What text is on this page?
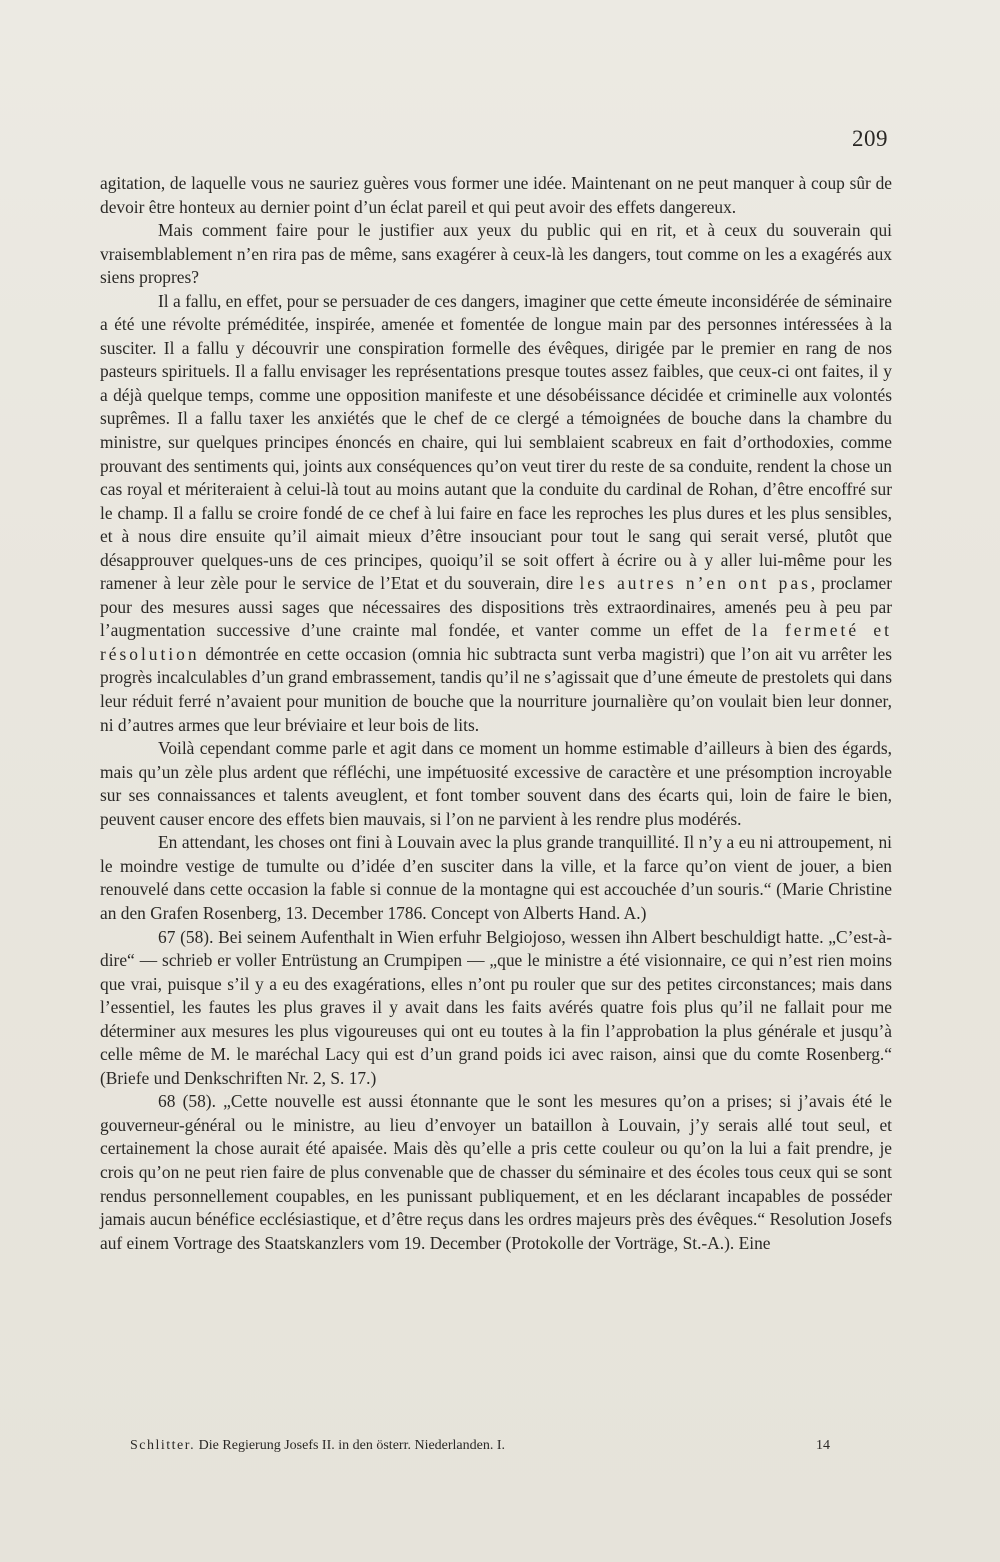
209

agitation, de laquelle vous ne sauriez guères vous former une idée. Maintenant on ne peut manquer à coup sûr de devoir être honteux au dernier point d’un éclat pareil et qui peut avoir des effets dangereux.

Mais comment faire pour le justifier aux yeux du public qui en rit, et à ceux du souverain qui vraisemblablement n’en rira pas de même, sans exagérer à ceux-là les dangers, tout comme on les a exagérés aux siens propres?

Il a fallu, en effet, pour se persuader de ces dangers, imaginer que cette émeute inconsidérée de séminaire a été une révolte préméditée, inspirée, amenée et fomentée de longue main par des personnes intéressées à la susciter. Il a fallu y découvrir une conspiration formelle des évêques, dirigée par le premier en rang de nos pasteurs spirituels. Il a fallu envisager les représentations presque toutes assez faibles, que ceux-ci ont faites, il y a déjà quelque temps, comme une opposition manifeste et une désobéissance décidée et criminelle aux volontés suprêmes. Il a fallu taxer les anxiétés que le chef de ce clergé a témoignées de bouche dans la chambre du ministre, sur quelques principes énoncés en chaire, qui lui semblaient scabreux en fait d’orthodoxies, comme prouvant des sentiments qui, joints aux conséquences qu’on veut tirer du reste de sa conduite, rendent la chose un cas royal et mériteraient à celui-là tout au moins autant que la conduite du cardinal de Rohan, d’être encoffré sur le champ. Il a fallu se croire fondé de ce chef à lui faire en face les reproches les plus dures et les plus sensibles, et à nous dire ensuite qu’il aimait mieux d’être insouciant pour tout le sang qui serait versé, plutôt que désapprouver quelques-uns de ces principes, quoiqu’il se soit offert à écrire ou à y aller lui-même pour les ramener à leur zèle pour le service de l’Etat et du souverain, dire les autres n’en ont pas, proclamer pour des mesures aussi sages que nécessaires des dispositions très extraordinaires, amenés peu à peu par l’augmentation successive d’une crainte mal fondée, et vanter comme un effet de la fermeté et résolution démontrée en cette occasion (omnia hic subtracta sunt verba magistri) que l’on ait vu arrêter les progrès incalculables d’un grand embrassement, tandis qu’il ne s’agissait que d’une émeute de prestolets qui dans leur réduit ferré n’avaient pour munition de bouche que la nourriture journalière qu’on voulait bien leur donner, ni d’autres armes que leur bréviaire et leur bois de lits.

Voilà cependant comme parle et agit dans ce moment un homme estimable d’ailleurs à bien des égards, mais qu’un zèle plus ardent que réfléchi, une impétuosité excessive de caractère et une présomption incroyable sur ses connaissances et talents aveuglent, et font tomber souvent dans des écarts qui, loin de faire le bien, peuvent causer encore des effets bien mauvais, si l’on ne parvient à les rendre plus modérés.

En attendant, les choses ont fini à Louvain avec la plus grande tranquillité. Il n’y a eu ni attroupement, ni le moindre vestige de tumulte ou d’idée d’en susciter dans la ville, et la farce qu’on vient de jouer, a bien renouvelé dans cette occasion la fable si connue de la montagne qui est accouchée d’un souris.“ (Marie Christine an den Grafen Rosenberg, 13. December 1786. Concept von Alberts Hand. A.)

67 (58). Bei seinem Aufenthalt in Wien erfuhr Belgiojoso, wessen ihn Albert beschuldigt hatte. „C’est-à-dire“ — schrieb er voller Entrüstung an Crumpipen — „que le ministre a été visionnaire, ce qui n’est rien moins que vrai, puisque s’il y a eu des exagérations, elles n’ont pu rouler que sur des petites circonstances; mais dans l’essentiel, les fautes les plus graves il y avait dans les faits avérés quatre fois plus qu’il ne fallait pour me déterminer aux mesures les plus vigoureuses qui ont eu toutes à la fin l’approbation la plus générale et jusqu’à celle même de M. le maréchal Lacy qui est d’un grand poids ici avec raison, ainsi que du comte Rosenberg.“ (Briefe und Denkschriften Nr. 2, S. 17.)

68 (58). „Cette nouvelle est aussi étonnante que le sont les mesures qu’on a prises; si j’avais été le gouverneur-général ou le ministre, au lieu d’envoyer un bataillon à Louvain, j’y serais allé tout seul, et certainement la chose aurait été apaisée. Mais dès qu’elle a pris cette couleur ou qu’on la lui a fait prendre, je crois qu’on ne peut rien faire de plus convenable que de chasser du séminaire et des écoles tous ceux qui se sont rendus personnellement coupables, en les punissant publiquement, et en les déclarant incapables de posséder jamais aucun bénéfice ecclésiastique, et d’être reçus dans les ordres majeurs près des évêques.“ Resolution Josefs auf einem Vortrage des Staatskanzlers vom 19. December (Protokolle der Vorträge, St.-A.). Eine

Schlitter. Die Regierung Josefs II. in den österr. Niederlanden. I.	14
